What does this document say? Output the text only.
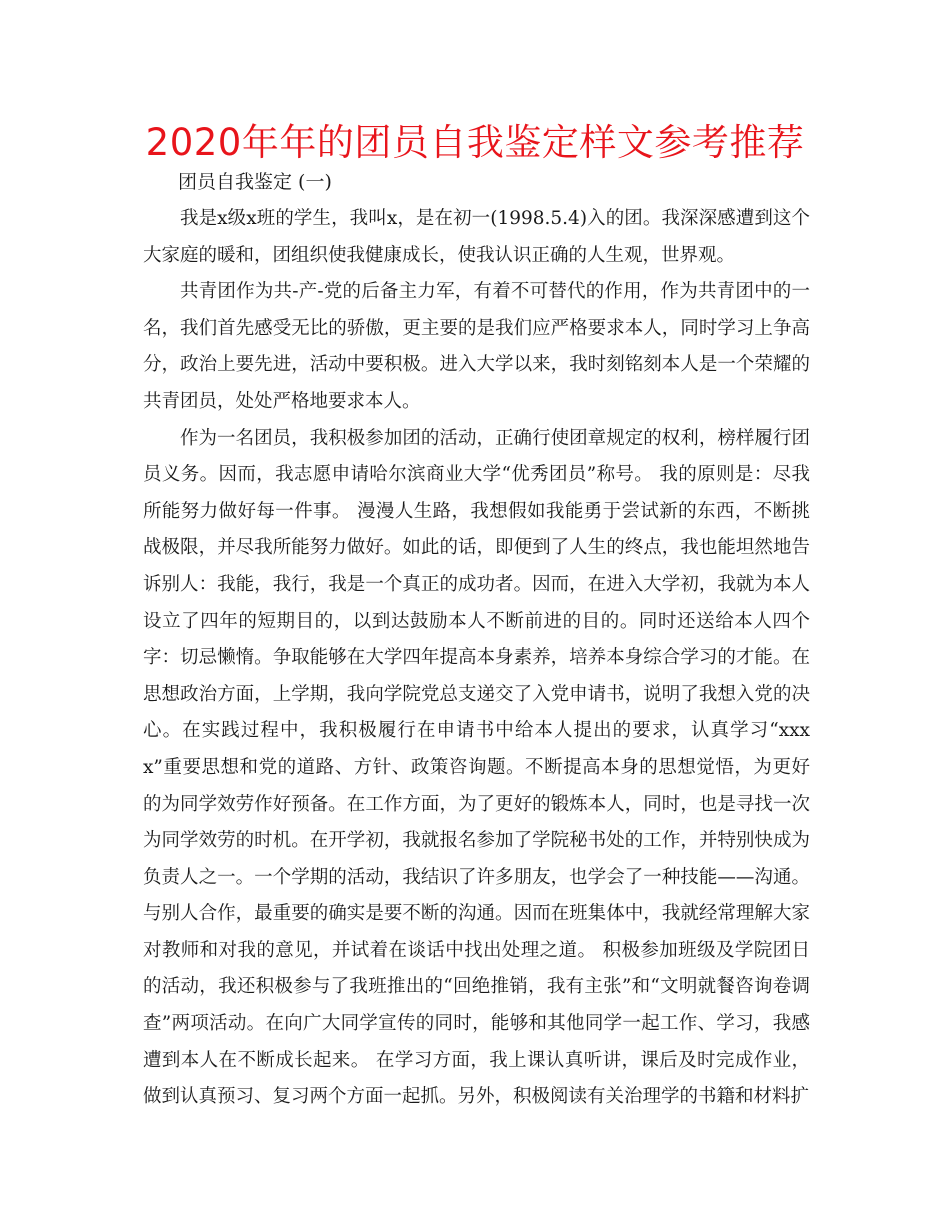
2020年年的团员自我鉴定样文参考推荐
团员自我鉴定 (一)

我是x级x班的学生，我叫x，是在初一(1998.5.4)入的团。我深深感遭到这个大家庭的暖和，团组织使我健康成长，使我认识正确的人生观，世界观。

共青团作为共-产-党的后备主力军，有着不可替代的作用，作为共青团中的一名，我们首先感受无比的骄傲，更主要的是我们应严格要求本人，同时学习上争高分，政治上要先进，活动中要积极。进入大学以来，我时刻铭刻本人是一个荣耀的共青团员，处处严格地要求本人。

作为一名团员，我积极参加团的活动，正确行使团章规定的权利，榜样履行团员义务。因而，我志愿申请哈尔滨商业大学“优秀团员”称号。 我的原则是：尽我所能努力做好每一件事。 漫漫人生路，我想假如我能勇于尝试新的东西，不断挑战极限，并尽我所能努力做好。如此的话，即便到了人生的终点，我也能坦然地告诉别人：我能，我行，我是一个真正的成功者。因而，在进入大学初，我就为本人设立了四年的短期目的，以到达鼓励本人不断前进的目的。同时还送给本人四个字：切忌懒惰。争取能够在大学四年提高本身素养，培养本身综合学习的才能。在思想政治方面，上学期，我向学院党总支递交了入党申请书，说明了我想入党的决心。在实践过程中，我积极履行在申请书中给本人提出的要求，认真学习“xxxx”重要思想和党的道路、方针、政策咨询题。不断提高本身的思想觉悟，为更好的为同学效劳作好预备。在工作方面，为了更好的锻炼本人，同时，也是寻找一次为同学效劳的时机。在开学初，我就报名参加了学院秘书处的工作，并特别快成为负责人之一。一个学期的活动，我结识了许多朋友，也学会了一种技能——沟通。与别人合作，最重要的确实是要不断的沟通。因而在班集体中，我就经常理解大家对教师和对我的意见，并试着在谈话中找出处理之道。 积极参加班级及学院团日的活动，我还积极参与了我班推出的“回绝推销，我有主张”和“文明就餐咨询卷调查”两项活动。在向广大同学宣传的同时，能够和其他同学一起工作、学习，我感遭到本人在不断成长起来。 在学习方面，我上课认真听讲，课后及时完成作业，做到认真预习、复习两个方面一起抓。另外，积极阅读有关治理学的书籍和材料扩
